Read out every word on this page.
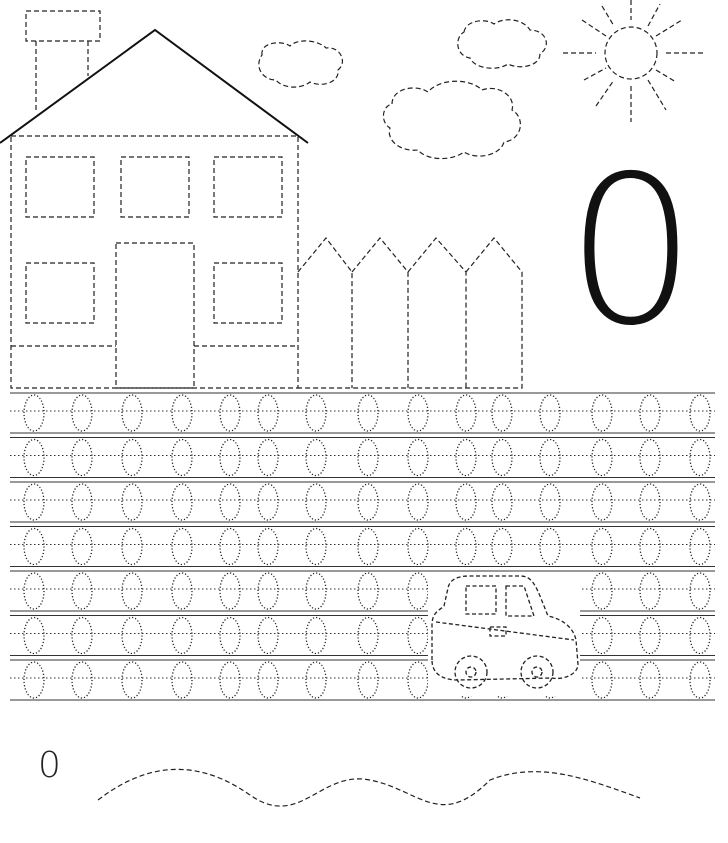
0
0
